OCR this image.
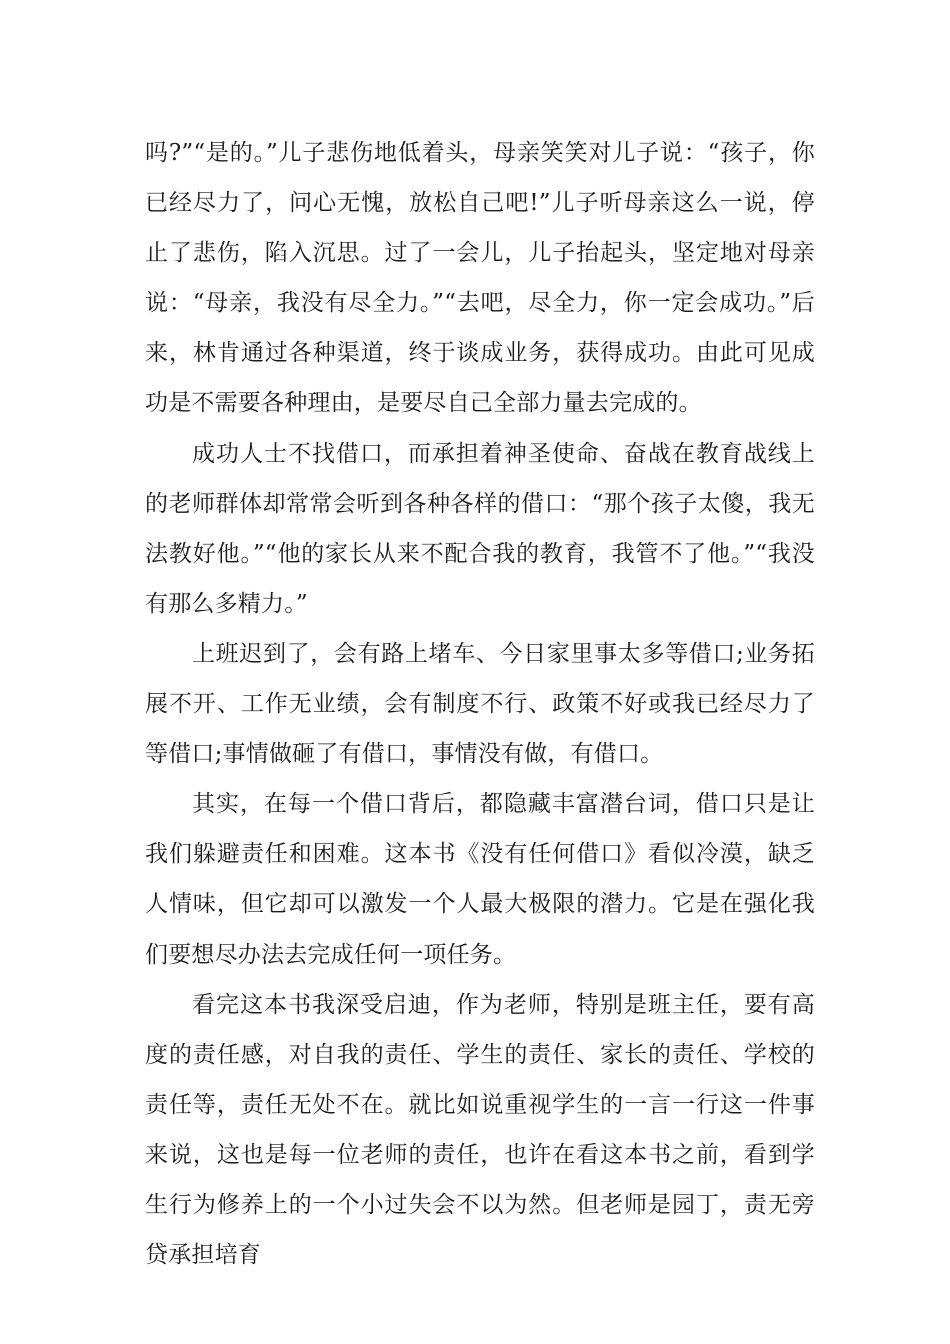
吗?”“是的。”儿子悲伤地低着头，母亲笑笑对儿子说：“孩子，你已经尽力了，问心无愧，放松自己吧!”儿子听母亲这么一说，停止了悲伤，陷入沉思。过了一会儿，儿子抬起头，坚定地对母亲说：“母亲，我没有尽全力。”“去吧，尽全力，你一定会成功。”后来，林肯通过各种渠道，终于谈成业务，获得成功。由此可见成功是不需要各种理由，是要尽自己全部力量去完成的。

成功人士不找借口，而承担着神圣使命、奋战在教育战线上的老师群体却常常会听到各种各样的借口：“那个孩子太傻，我无法教好他。”“他的家长从来不配合我的教育，我管不了他。”“我没有那么多精力。”

上班迟到了，会有路上堵车、今日家里事太多等借口;业务拓展不开、工作无业绩，会有制度不行、政策不好或我已经尽力了等借口;事情做砸了有借口，事情没有做，有借口。

其实，在每一个借口背后，都隐藏丰富潜台词，借口只是让我们躲避责任和困难。这本书《没有任何借口》看似冷漠，缺乏人情味，但它却可以激发一个人最大极限的潜力。它是在强化我们要想尽办法去完成任何一项任务。

看完这本书我深受启迪，作为老师，特别是班主任，要有高度的责任感，对自我的责任、学生的责任、家长的责任、学校的责任等，责任无处不在。就比如说重视学生的一言一行这一件事来说，这也是每一位老师的责任，也许在看这本书之前，看到学生行为修养上的一个小过失会不以为然。但老师是园丁，责无旁贷承担培育
